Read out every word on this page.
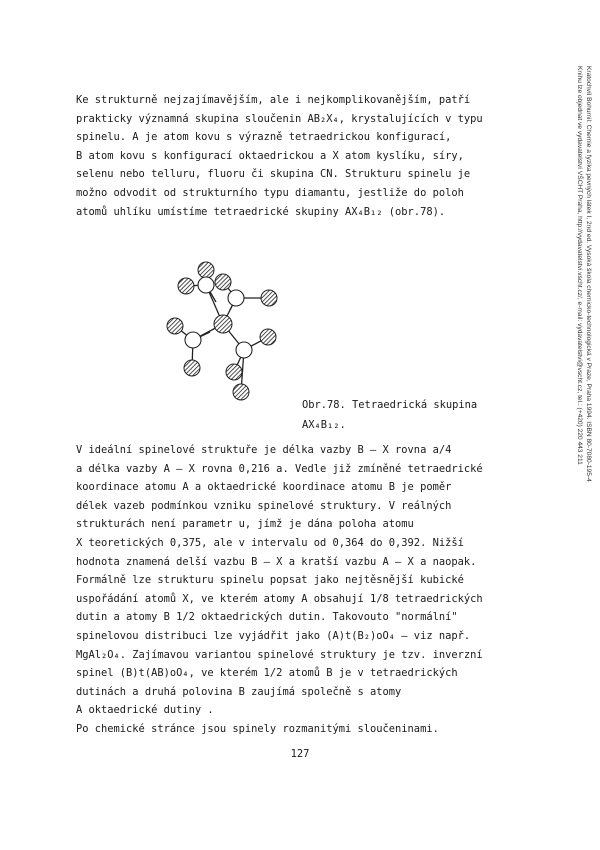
Ke strukturně nejzajímavějším, ale i nejkomplikovanějším, patří
prakticky významná skupina sloučenin AB₂X₄, krystalujících v typu
spinelu. A je atom kovu s výrazně tetraedrickou konfigurací,
B atom kovu s konfigurací oktaedrickou a X atom kyslíku, síry,
selenu nebo telluru, fluoru či skupina CN. Strukturu spinelu je
možno odvodit od strukturního typu diamantu, jestliže do poloh
atomů uhlíku umístíme tetraedrické skupiny AX₄B₁₂ (obr.78).
Obr.78. Tetraedrická skupina
AX₄B₁₂.
V ideální spinelové struktuře je délka vazby B – X rovna a/4
a délka vazby A – X rovna 0,216 a. Vedle již zmíněné tetraedrické
koordinace atomu A a oktaedrické koordinace atomu B je poměr
délek vazeb podmínkou vzniku spinelové struktury. V reálných
strukturách není parametr u, jímž je dána poloha atomu
X teoretických 0,375, ale v intervalu od 0,364 do 0,392. Nižší
hodnota znamená delší vazbu B – X a kratší vazbu A – X a naopak.
Formálně lze strukturu spinelu popsat jako nejtěsnější kubické
uspořádání atomů X, ve kterém atomy A obsahují 1/8 tetraedrických
dutin a atomy B 1/2 oktaedrických dutin. Takovouto "normální"
spinelovou distribuci lze vyjádřit jako (A)t(B₂)oO₄ – viz např.
MgAl₂O₄. Zajímavou variantou spinelové struktury je tzv. inverzní
spinel (B)t(AB)oO₄, ve kterém 1/2 atomů B je v tetraedrických
dutinách a druhá polovina B zaujímá společně s atomy
A oktaedrické dutiny .
Po chemické stránce jsou spinely rozmanitými sloučeninami.
Kratochvíl Bohumil: Chemie a fyzika pevných látek I, 2nd ed. Vysoká škola chemicko-technologická v Praze, Praha 1994. ISBN 80-7080-195-4
Knihu lze objednat ve vydavatelství VŠCHT Praha, http://vydavatelstvi.vscht.cz/, e-mail: vydavatelstvi@vscht.cz, tel.: (+420) 220 443 211
127
